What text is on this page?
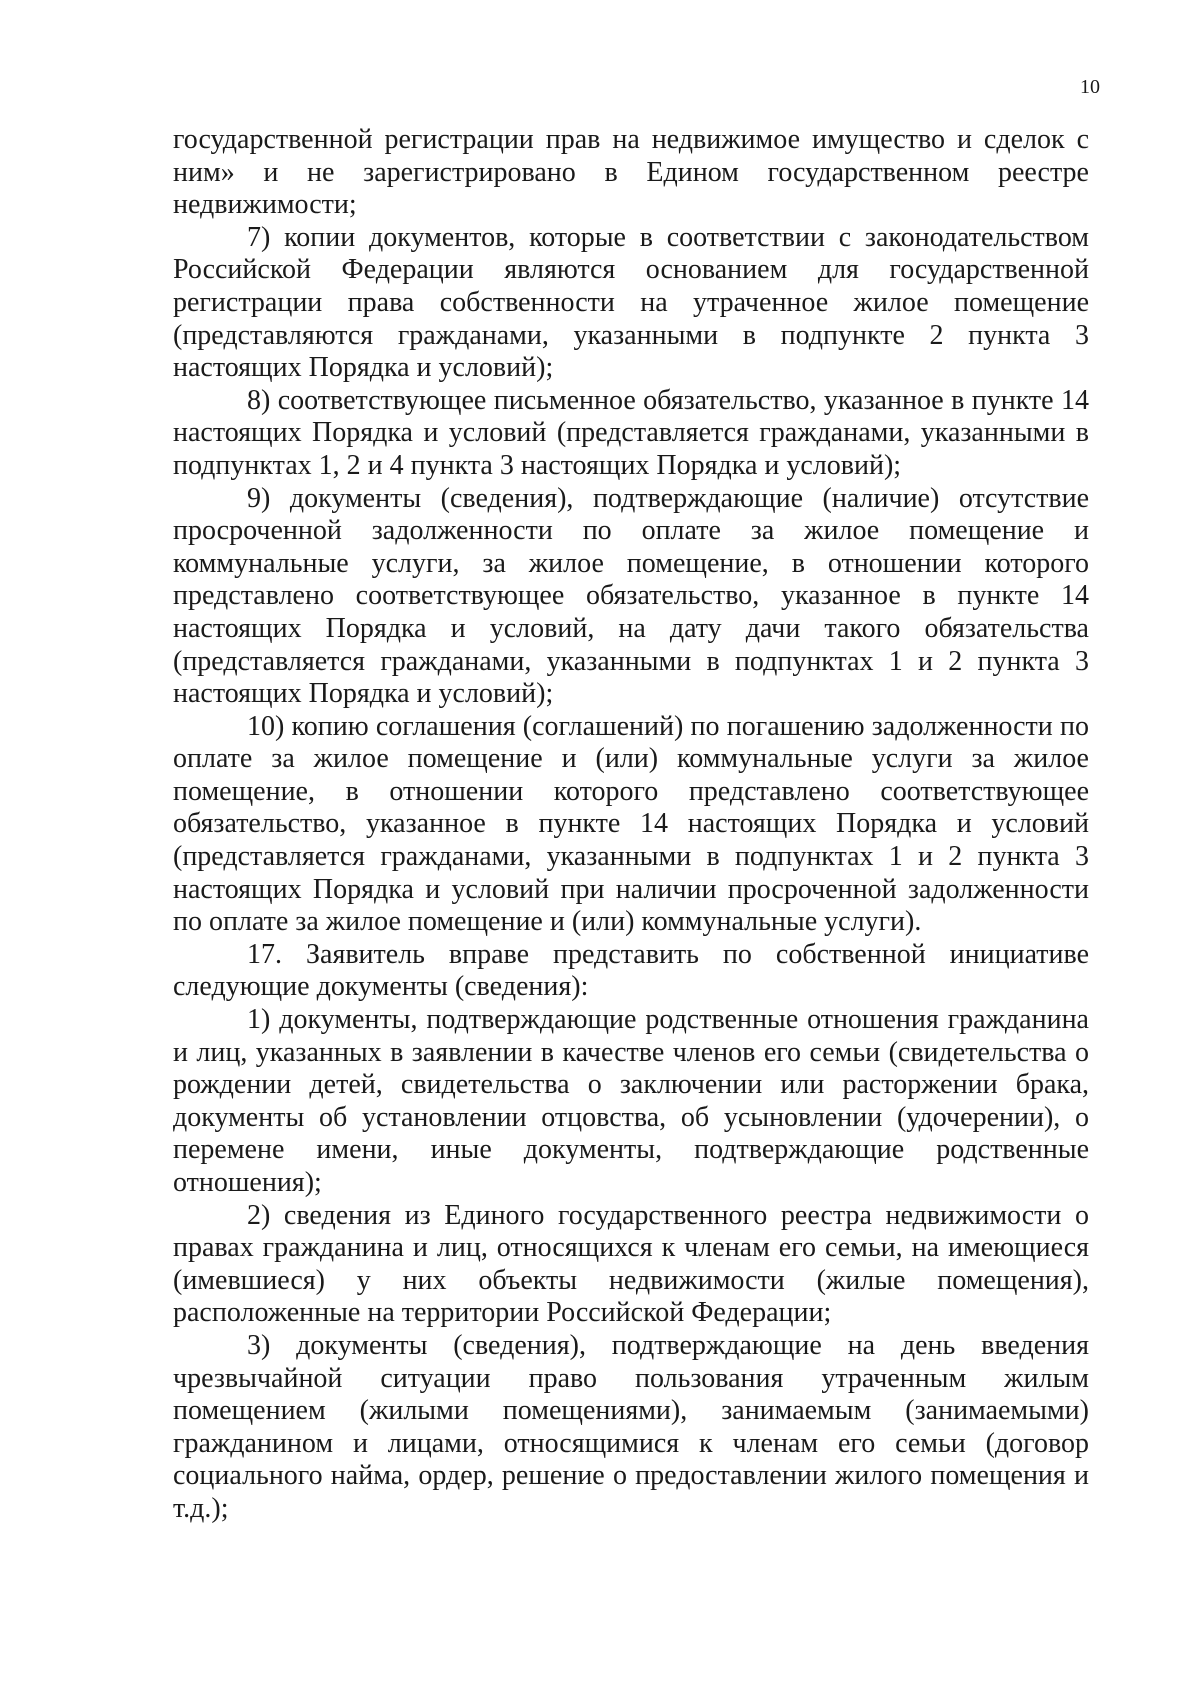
10

государственной регистрации прав на недвижимое имущество и сделок с ним» и не зарегистрировано в Едином государственном реестре недвижимости;

7) копии документов, которые в соответствии с законодательством Российской Федерации являются основанием для государственной регистрации права собственности на утраченное жилое помещение (представляются гражданами, указанными в подпункте 2 пункта 3 настоящих Порядка и условий);

8) соответствующее письменное обязательство, указанное в пункте 14 настоящих Порядка и условий (представляется гражданами, указанными в подпунктах 1, 2 и 4 пункта 3 настоящих Порядка и условий);

9) документы (сведения), подтверждающие (наличие) отсутствие просроченной задолженности по оплате за жилое помещение и коммунальные услуги, за жилое помещение, в отношении которого представлено соответствующее обязательство, указанное в пункте 14 настоящих Порядка и условий, на дату дачи такого обязательства (представляется гражданами, указанными в подпунктах 1 и 2 пункта 3 настоящих Порядка и условий);

10) копию соглашения (соглашений) по погашению задолженности по оплате за жилое помещение и (или) коммунальные услуги за жилое помещение, в отношении которого представлено соответствующее обязательство, указанное в пункте 14 настоящих Порядка и условий (представляется гражданами, указанными в подпунктах 1 и 2 пункта 3 настоящих Порядка и условий при наличии просроченной задолженности по оплате за жилое помещение и (или) коммунальные услуги).

17. Заявитель вправе представить по собственной инициативе следующие документы (сведения):

1) документы, подтверждающие родственные отношения гражданина и лиц, указанных в заявлении в качестве членов его семьи (свидетельства о рождении детей, свидетельства о заключении или расторжении брака, документы об установлении отцовства, об усыновлении (удочерении), о перемене имени, иные документы, подтверждающие родственные отношения);

2) сведения из Единого государственного реестра недвижимости о правах гражданина и лиц, относящихся к членам его семьи, на имеющиеся (имевшиеся) у них объекты недвижимости (жилые помещения), расположенные на территории Российской Федерации;

3) документы (сведения), подтверждающие на день введения чрезвычайной ситуации право пользования утраченным жилым помещением (жилыми помещениями), занимаемым (занимаемыми) гражданином и лицами, относящимися к членам его семьи (договор социального найма, ордер, решение о предоставлении жилого помещения и т.д.);
